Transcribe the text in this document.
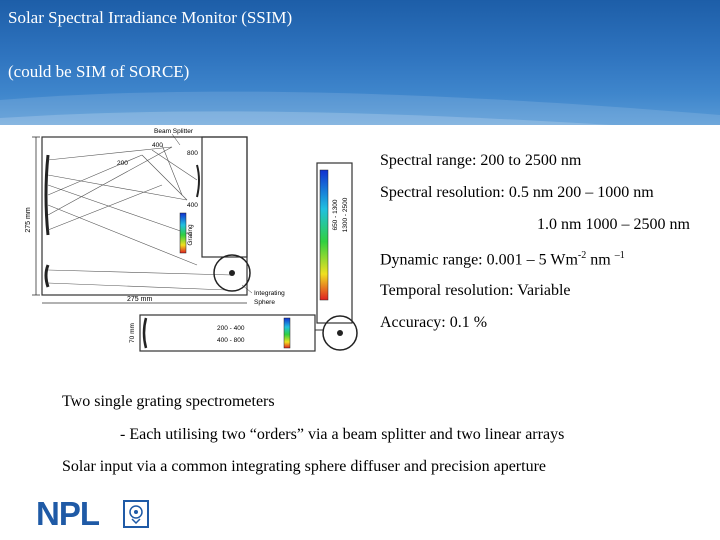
Solar Spectral Irradiance Monitor (SSIM)
(could be SIM of SORCE)
275 mm
Grating
Beam Splitter
400
800
200
400	650 - 1300 1300 - 2500
Integrating
Sphere
275 mm
200 - 400
400 - 800
70 mm
Spectral range: 200 to 2500 nm
Spectral resolution: 0.5 nm 200 – 1000 nm
1.0 nm 1000 – 2500 nm
Dynamic range: 0.001 – 5 $Wm^{-2}$ nm $^{-1}$
Temporal resolution: Variable
Accuracy: 0.1 %
Two single grating spectrometers
- Each utilising two “orders” via a beam splitter and two linear arrays
Solar input via a common integrating sphere diffuser and precision aperture
NPL
